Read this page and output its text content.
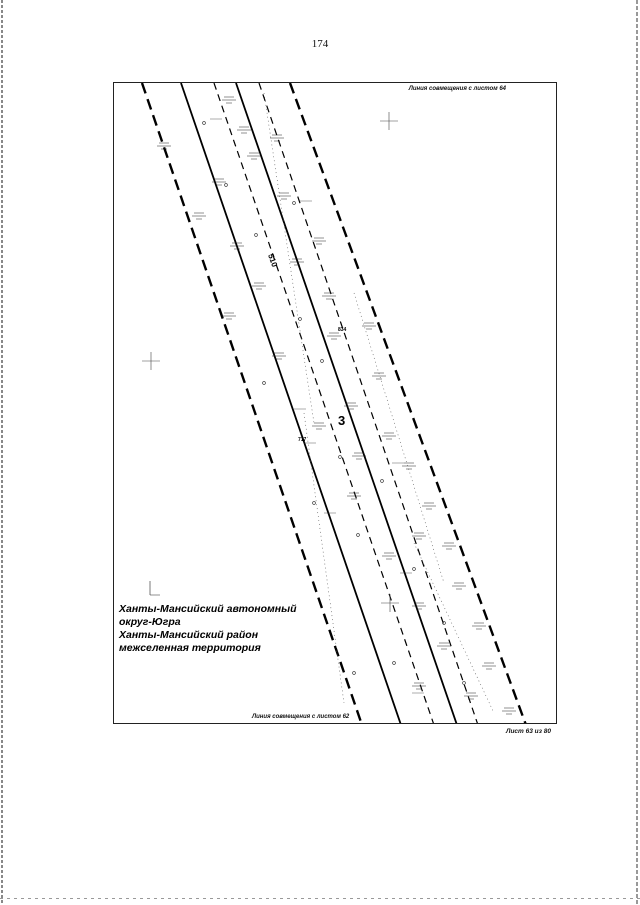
174
3
510
834
717
Линия совмещения с листом 64
Линия совмещения с листом 62
Ханты-Мансийский автономный
округ-Югра
Ханты-Мансийский район
межселенная территория
Лист 63 из 80
